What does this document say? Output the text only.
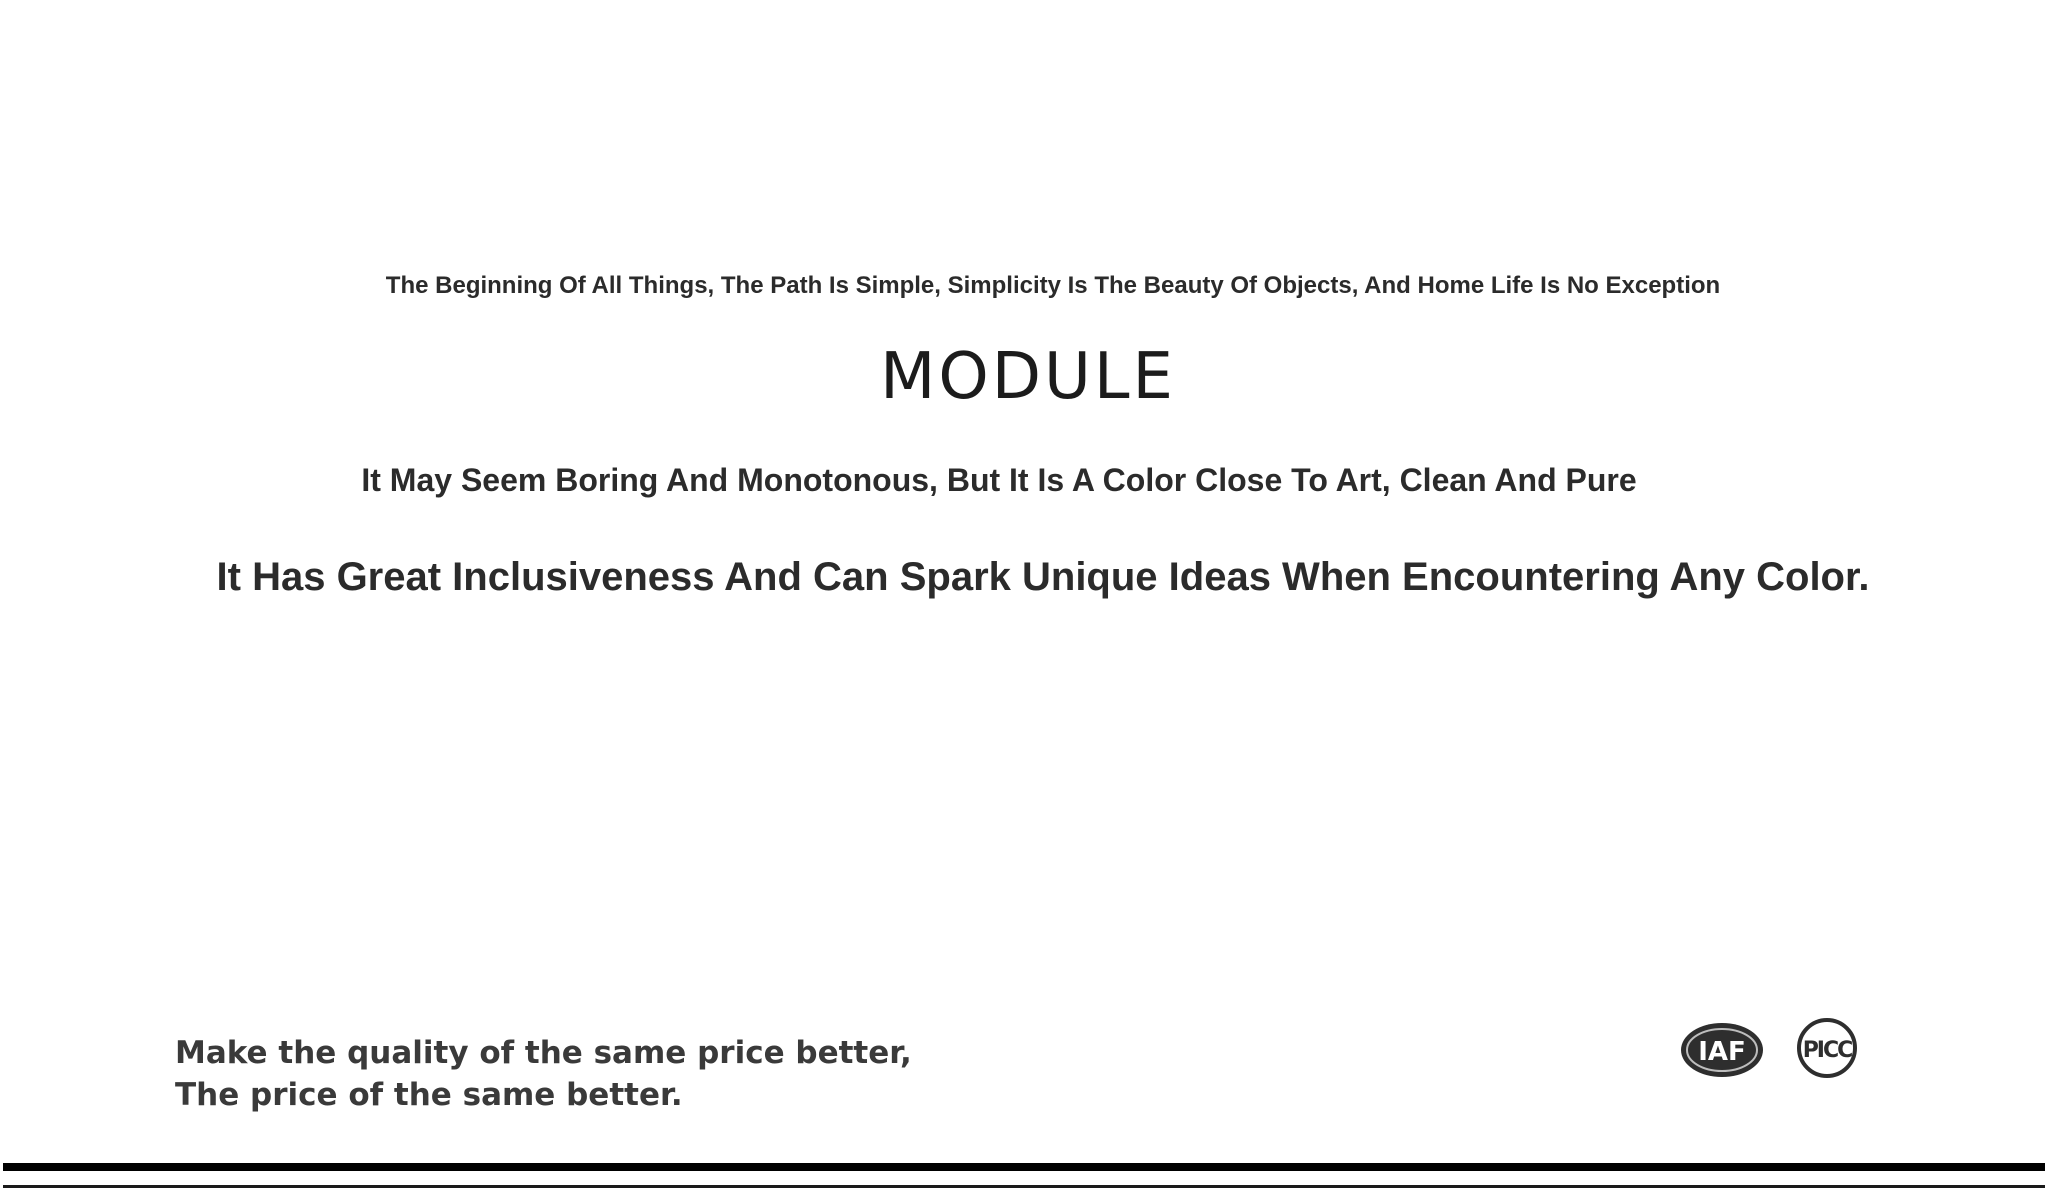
The Beginning Of All Things, The Path Is Simple, Simplicity Is The Beauty Of Objects, And Home Life Is No Exception
MODULE
It May Seem Boring And Monotonous, But It Is A Color Close To Art, Clean And Pure
It Has Great Inclusiveness And Can Spark Unique Ideas When Encountering Any Color.
Make the quality of the same price better,
The price of the same better.
IAF	PICC
